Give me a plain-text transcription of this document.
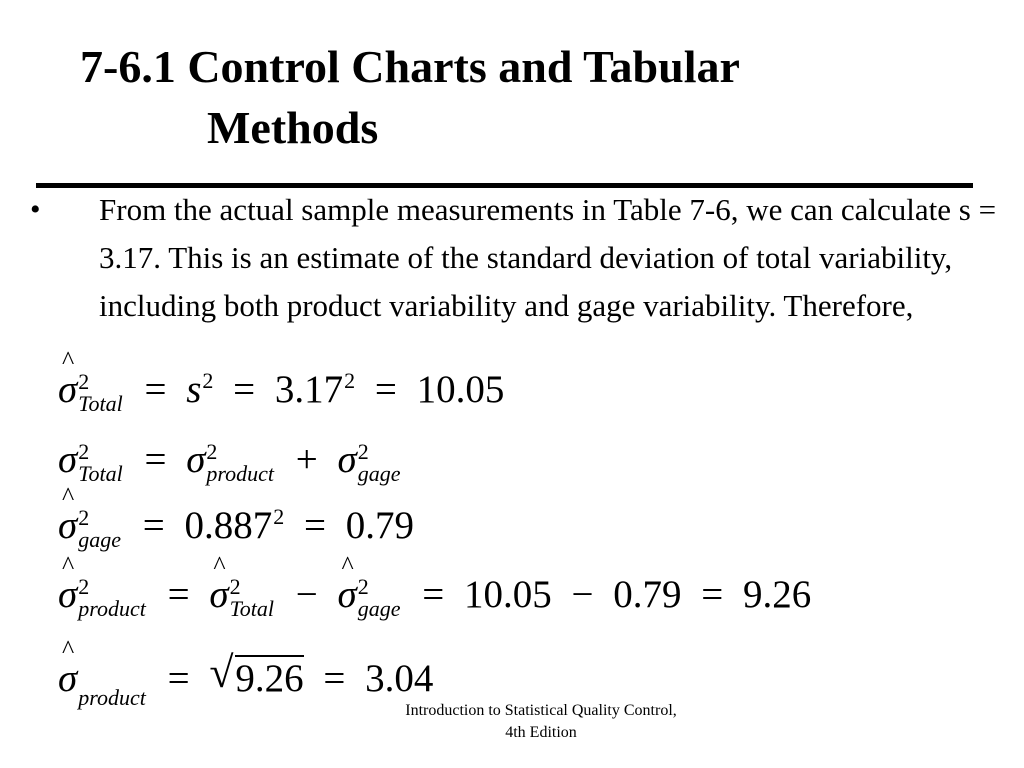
7-6.1 Control Charts and Tabular
Methods
• From the actual sample measurements in Table 7-6, we can calculate s = 3.17. This is an estimate of the standard deviation of total variability, including both product variability and gage variability. Therefore,

^ σ 2
Total = $s^2 = 3.17^2 = 10.05$
σ 2
Total = σ 2
product + σ 2
gage
^ σ 2
gage = $0.887^2 = 0.79$
^ σ 2
product = ^ σ 2
Total − ^ σ 2
gage = 10.05 − 0.79 = 9.26
^ σ product = √ 9.26 = 3.04
Introduction to Statistical Quality Control,
4th Edition
